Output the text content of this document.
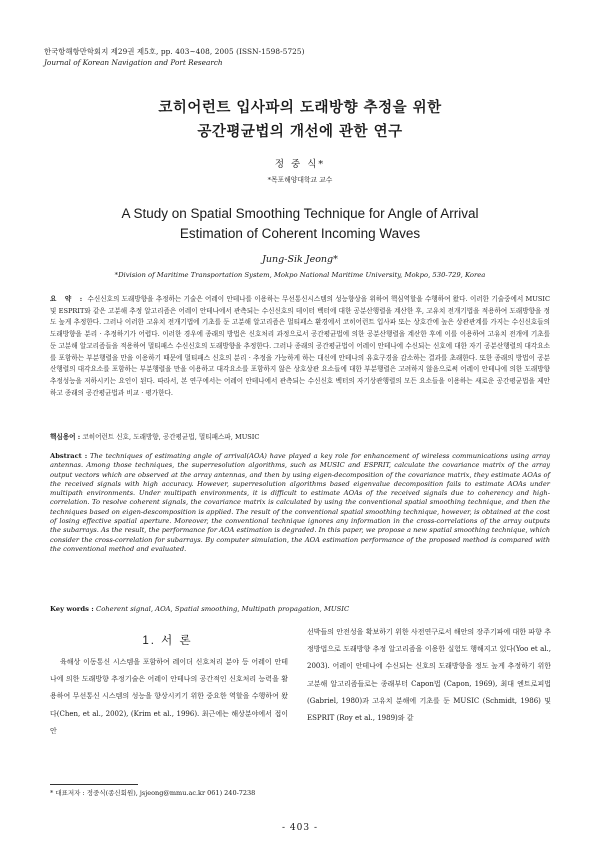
한국항해항만학회지 제29권 제5호, pp. 403~408, 2005 (ISSN-1598-5725)
Journal of Korean Navigation and Port Research
코히어런트 입사파의 도래방향 추정을 위한
공간평균법의 개선에 관한 연구
정 중 식*
*목포해양대학교 교수
A Study on Spatial Smoothing Technique for Angle of Arrival
Estimation of Coherent Incoming Waves
Jung-Sik Jeong*
*Division of Maritime Transportation System, Mokpo National Maritime University, Mokpo, 530-729, Korea
요 약 : 수신신호의 도래방향을 추정하는 기술은 어레이 안테나를 이용하는 무선통신시스템의 성능향상을 위하여 핵심역할을 수행하여 왔다. 이러한 기술중에서 MUSIC 및 ESPRIT와 같은 고분해 추정 알고리즘은 어레이 안테나에서 관측되는 수신신호의 데이터 벡터에 대한 공분산행렬을 계산한 후, 고유치 전개기법을 적용하여 도래방향을 정도 높게 추정한다. 그러나 이러한 고유치 전개기법에 기초를 둔 고분해 알고리즘은 멀티패스 환경에서 코히어런트 입사파 또는 상호간에 높은 상관관계를 가지는 수신신호들의 도래방향을 분리 · 추정하기가 어렵다. 이러한 경우에 종래의 방법은 신호처리 과정으로서 공간평균법에 의한 공분산행렬을 계산한 후에 이를 이용하여 고유치 전개에 기초를 둔 고분해 알고리즘들을 적용하여 멀티패스 수신신호의 도래방향을 추정한다. 그러나 종래의 공간평균법이 어레이 안테나에 수신되는 신호에 대한 자기 공분산행렬의 대각요소를 포함하는 부분행렬을 만을 이용하기 때문에 멀티패스 신호의 분리 · 추정을 가능하게 하는 대신에 안테나의 유효구경을 감소하는 결과를 초래한다. 또한 종래의 방법이 공분산행렬의 대각요소를 포함하는 부분행렬을 만을 이용하고 대각요소를 포함하지 않은 상호상관 요소들에 대한 부분행렬은 고려하지 않음으로써 어레이 안테나에 의한 도래방향 추정성능을 저하시키는 요인이 된다. 따라서, 본 연구에서는 어레이 안테나에서 관측되는 수신신호 벡터의 자기상관행렬의 모든 요소들을 이용하는 새로운 공간평균법을 제안하고 종래의 공간평균법과 비교 · 평가한다.
핵심용어 : 코히어런트 신호, 도래방향, 공간평균법, 멀티패스파, MUSIC
Abstract : The techniques of estimating angle of arrival(AOA) have played a key role for enhancement of wireless communications using array antennas. Among those techniques, the superresolution algorithms, such as MUSIC and ESPRIT, calculate the covariance matrix of the array output vectors which are observed at the array antennas, and then by using eigen-decomposition of the covariance matrix, they estimate AOAs of the received signals with high accuracy. However, superresolution algorithms based eigenvalue decomposition fails to estimate AOAs under multipath environments. Under multipath environments, it is difficult to estimate AOAs of the received signals due to coherency and high-correlation. To resolve coherent signals, the covariance matrix is calculated by using the conventional spatial smoothing technique, and then the techniques based on eigen-descomposition is applied. The result of the conventional spatial smoothing technique, however, is obtained at the cost of losing effective spatial aperture. Moreover, the conventional technique ignores any information in the cross-correlations of the array outputs the subarrays. As the result, the performance for AOA estimation is degraded. In this paper, we propose a new spatial smoothing technique, which consider the cross-correlation for subarrays. By computer simulation, the AOA estimation performance of the proposed method is compared with the conventional method and evaluated.
Key words : Coherent signal, AOA, Spatial smoothing, Multipath propagation, MUSIC
1. 서 론
육해상 이동통신 시스템을 포함하여 레이더 신호처리 분야 등 어레이 안테나에 의한 도래방향 추정기술은 어레이 안테나의 공간적인 신호처리 능력을 활용하여 무선통신 시스템의 성능을 향상시키기 위한 중요한 역할을 수행하여 왔다(Chen, et al., 2002), (Krim et al., 1996). 최근에는 해상분야에서 접이안
선박들의 안전성을 확보하기 위한 사전연구로서 해안의 장주기파에 대한 파향 추정방법으로 도래방향 추정 알고리즘을 이용한 실험도 행해지고 있다(Yoo et al., 2003). 어레이 안테나에 수신되는 신호의 도래방향을 정도 높게 추정하기 위한 고분해 알고리즘들로는 종래부터 Capon법 (Capon, 1969), 최대 엔트로피법 (Gabriel, 1980)과 고유치 분해에 기초를 둔 MUSIC (Schmidt, 1986) 및 ESPRIT (Roy et al., 1989)와 같
* 대표저자 : 정중식(종신회원), jsjeong@mmu.ac.kr 061) 240-7238
- 403 -
